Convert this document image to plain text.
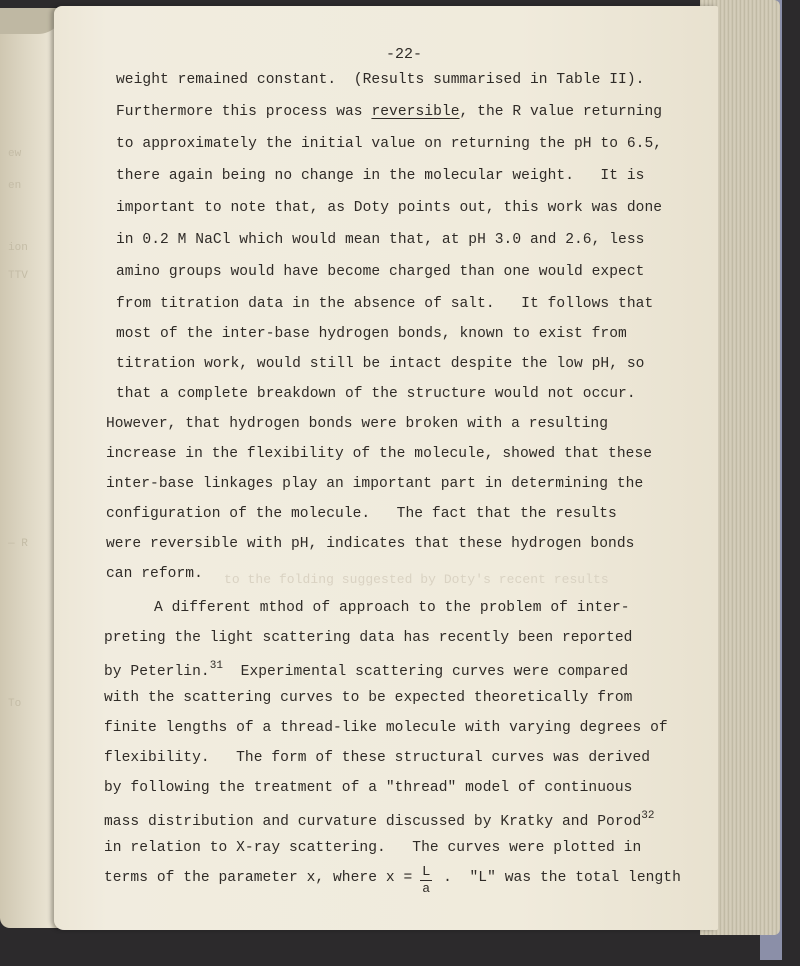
ew
en
ion
TTV
— R
To
to the folding suggested by Doty's recent results
-22-
weight remained constant.  (Results summarised in Table II).
Furthermore this process was reversible, the R value returning
to approximately the initial value on returning the pH to 6.5,
there again being no change in the molecular weight.   It is
important to note that, as Doty points out, this work was done
in 0.2 M NaCl which would mean that, at pH 3.0 and 2.6, less
amino groups would have become charged than one would expect
from titration data in the absence of salt.   It follows that
most of the inter-base hydrogen bonds, known to exist from
titration work, would still be intact despite the low pH, so
that a complete breakdown of the structure would not occur.
However, that hydrogen bonds were broken with a resulting
increase in the flexibility of the molecule, showed that these
inter-base linkages play an important part in determining the
configuration of the molecule.   The fact that the results
were reversible with pH, indicates that these hydrogen bonds
can reform.
A different mthod of approach to the problem of inter-
preting the light scattering data has recently been reported
by Peterlin.$^{31}$  Experimental scattering curves were compared
with the scattering curves to be expected theoretically from
finite lengths of a thread-like molecule with varying degrees of
flexibility.   The form of these structural curves was derived
by following the treatment of a "thread" model of continuous
mass distribution and curvature discussed by Kratky and Porod$^{32}$
in relation to X-ray scattering.   The curves were plotted in
terms of the parameter x, where x = .  "L" was the total length
$\frac{L}{a}$
